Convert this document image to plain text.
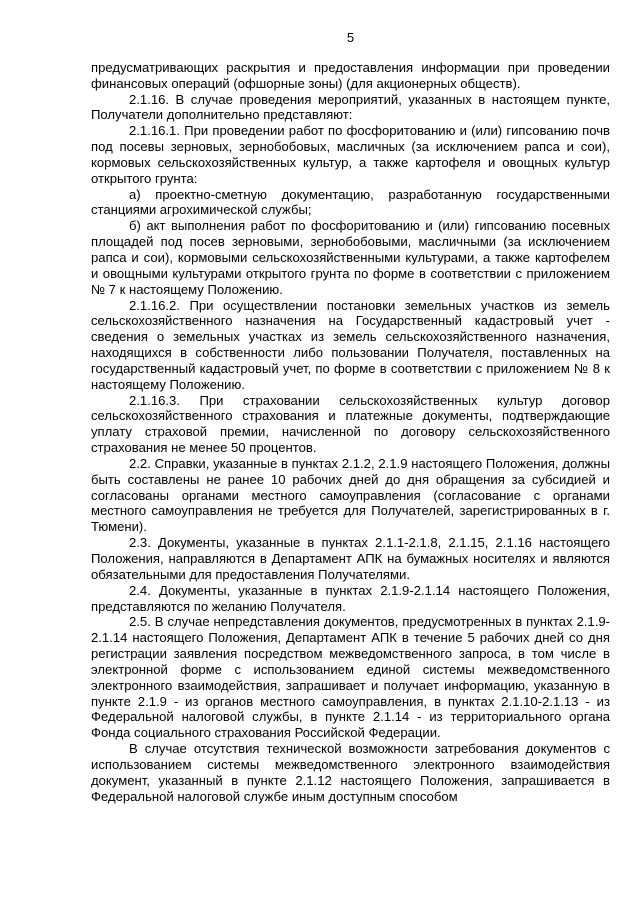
5

предусматривающих раскрытия и предоставления информации при проведении финансовых операций (офшорные зоны) (для акционерных обществ).

2.1.16. В случае проведения мероприятий, указанных в настоящем пункте, Получатели дополнительно представляют:

2.1.16.1. При проведении работ по фосфоритованию и (или) гипсованию почв под посевы зерновых, зернобобовых, масличных (за исключением рапса и сои), кормовых сельскохозяйственных культур, а также картофеля и овощных культур открытого грунта:

а) проектно-сметную документацию, разработанную государственными станциями агрохимической службы;

б) акт выполнения работ по фосфоритованию и (или) гипсованию посевных площадей под посев зерновыми, зернобобовыми, масличными (за исключением рапса и сои), кормовыми сельскохозяйственными культурами, а также картофелем и овощными культурами открытого грунта по форме в соответствии с приложением № 7 к настоящему Положению.

2.1.16.2. При осуществлении постановки земельных участков из земель сельскохозяйственного назначения на Государственный кадастровый учет - сведения о земельных участках из земель сельскохозяйственного назначения, находящихся в собственности либо пользовании Получателя, поставленных на государственный кадастровый учет, по форме в соответствии с приложением № 8 к настоящему Положению.

2.1.16.3. При страховании сельскохозяйственных культур договор сельскохозяйственного страхования и платежные документы, подтверждающие уплату страховой премии, начисленной по договору сельскохозяйственного страхования не менее 50 процентов.

2.2. Справки, указанные в пунктах 2.1.2, 2.1.9 настоящего Положения, должны быть составлены не ранее 10 рабочих дней до дня обращения за субсидией и согласованы органами местного самоуправления (согласование с органами местного самоуправления не требуется для Получателей, зарегистрированных в г. Тюмени).

2.3. Документы, указанные в пунктах 2.1.1-2.1.8, 2.1.15, 2.1.16 настоящего Положения, направляются в Департамент АПК на бумажных носителях и являются обязательными для предоставления Получателями.

2.4. Документы, указанные в пунктах 2.1.9-2.1.14 настоящего Положения, представляются по желанию Получателя.

2.5. В случае непредставления документов, предусмотренных в пунктах 2.1.9-2.1.14 настоящего Положения, Департамент АПК в течение 5 рабочих дней со дня регистрации заявления посредством межведомственного запроса, в том числе в электронной форме с использованием единой системы межведомственного электронного взаимодействия, запрашивает и получает информацию, указанную в пункте 2.1.9 - из органов местного самоуправления, в пунктах 2.1.10-2.1.13 - из Федеральной налоговой службы, в пункте 2.1.14 - из территориального органа Фонда социального страхования Российской Федерации.

В случае отсутствия технической возможности затребования документов с использованием системы межведомственного электронного взаимодействия документ, указанный в пункте 2.1.12 настоящего Положения, запрашивается в Федеральной налоговой службе иным доступным способом
